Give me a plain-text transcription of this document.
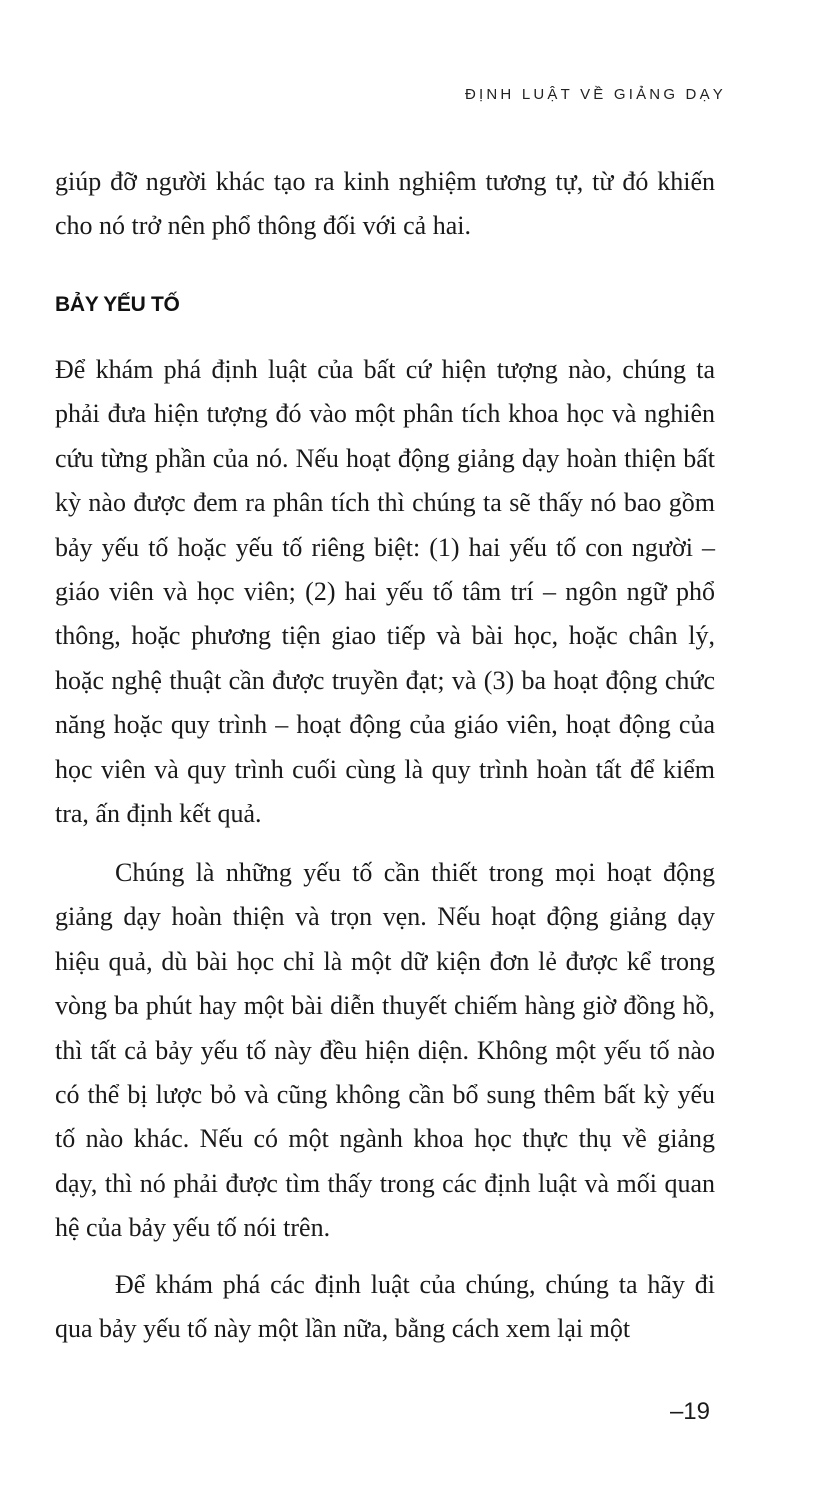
ĐỊNH LUẬT VỀ GIẢNG DẠY

giúp đỡ người khác tạo ra kinh nghiệm tương tự, từ đó khiến cho nó trở nên phổ thông đối với cả hai.

BẢY YẾU TỐ

Để khám phá định luật của bất cứ hiện tượng nào, chúng ta phải đưa hiện tượng đó vào một phân tích khoa học và nghiên cứu từng phần của nó. Nếu hoạt động giảng dạy hoàn thiện bất kỳ nào được đem ra phân tích thì chúng ta sẽ thấy nó bao gồm bảy yếu tố hoặc yếu tố riêng biệt: (1) hai yếu tố con người – giáo viên và học viên; (2) hai yếu tố tâm trí – ngôn ngữ phổ thông, hoặc phương tiện giao tiếp và bài học, hoặc chân lý, hoặc nghệ thuật cần được truyền đạt; và (3) ba hoạt động chức năng hoặc quy trình – hoạt động của giáo viên, hoạt động của học viên và quy trình cuối cùng là quy trình hoàn tất để kiểm tra, ấn định kết quả.

Chúng là những yếu tố cần thiết trong mọi hoạt động giảng dạy hoàn thiện và trọn vẹn. Nếu hoạt động giảng dạy hiệu quả, dù bài học chỉ là một dữ kiện đơn lẻ được kể trong vòng ba phút hay một bài diễn thuyết chiếm hàng giờ đồng hồ, thì tất cả bảy yếu tố này đều hiện diện. Không một yếu tố nào có thể bị lược bỏ và cũng không cần bổ sung thêm bất kỳ yếu tố nào khác. Nếu có một ngành khoa học thực thụ về giảng dạy, thì nó phải được tìm thấy trong các định luật và mối quan hệ của bảy yếu tố nói trên.

Để khám phá các định luật của chúng, chúng ta hãy đi qua bảy yếu tố này một lần nữa, bằng cách xem lại một

–19
